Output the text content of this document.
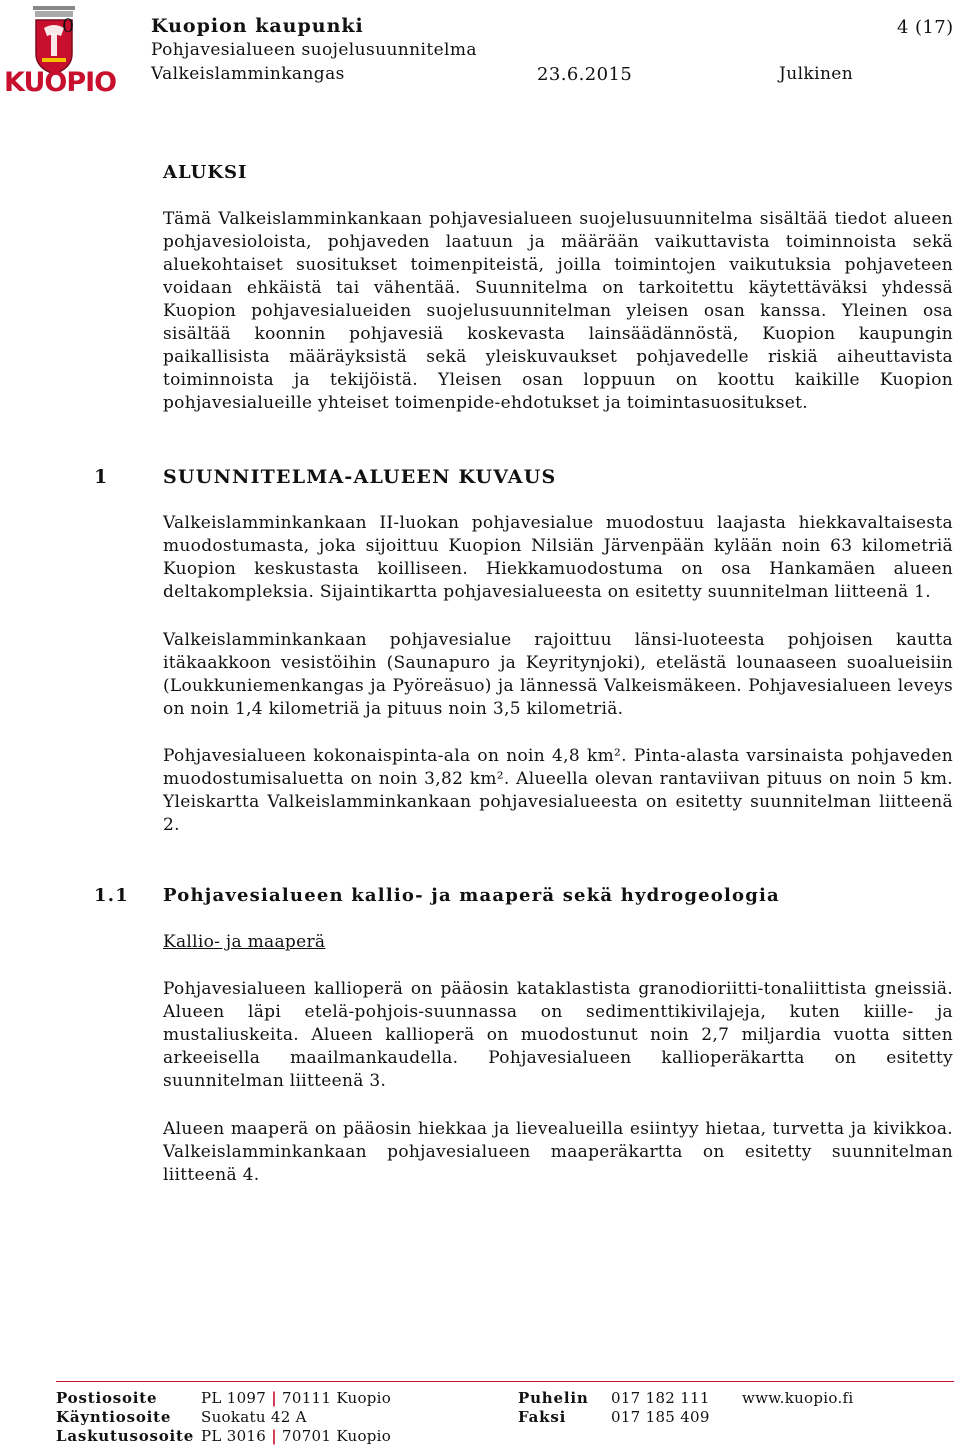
KUOPIO
0	Kuopion kaupunki
Pohjavesialueen suojelusuunnitelma
Valkeislamminkangas	23.6.2015	Julkinen
4 (17)
ALUKSI

Tämä Valkeislamminkankaan pohjavesialueen suojelusuunnitelma sisältää tiedot alueen pohjavesioloista, pohjaveden laatuun ja määrään vaikuttavista toiminnoista sekä aluekohtaiset suositukset toimenpiteistä, joilla toimintojen vaikutuksia pohjaveteen voidaan ehkäistä tai vähentää. Suunnitelma on tarkoitettu käytettäväksi yhdessä Kuopion pohjavesialueiden suojelusuunnitelman yleisen osan kanssa. Yleinen osa sisältää koonnin pohjavesiä koskevasta lainsäädännöstä, Kuopion kaupungin paikallisista määräyksistä sekä yleiskuvaukset pohjavedelle riskiä aiheuttavista toiminnoista ja tekijöistä. Yleisen osan loppuun on koottu kaikille Kuopion pohjavesialueille yhteiset toimenpide-ehdotukset ja toimintasuositukset.

1	SUUNNITELMA-ALUEEN KUVAUS

Valkeislamminkankaan II-luokan pohjavesialue muodostuu laajasta hiekkavaltaisesta muodostumasta, joka sijoittuu Kuopion Nilsiän Järvenpään kylään noin 63 kilometriä Kuopion keskustasta koilliseen. Hiekkamuodostuma on osa Hankamäen alueen deltakompleksia. Sijaintikartta pohjavesialueesta on esitetty suunnitelman liitteenä 1.

Valkeislamminkankaan pohjavesialue rajoittuu länsi-luoteesta pohjoisen kautta itäkaakkoon vesistöihin (Saunapuro ja Keyritynjoki), etelästä lounaaseen suoalueisiin (Loukkuniemenkangas ja Pyöreäsuo) ja lännessä Valkeismäkeen. Pohjavesialueen leveys on noin 1,4 kilometriä ja pituus noin 3,5 kilometriä.

Pohjavesialueen kokonaispinta-ala on noin 4,8 km². Pinta-alasta varsinaista pohjaveden muodostumisaluetta on noin 3,82 km². Alueella olevan rantaviivan pituus on noin 5 km. Yleiskartta Valkeislamminkankaan pohjavesialueesta on esitetty suunnitelman liitteenä 2.

1.1 Pohjavesialueen kallio- ja maaperä sekä hydrogeologia
Kallio- ja maaperä

Pohjavesialueen kallioperä on pääosin kataklastista granodioriitti-tonaliittista gneissiä. Alueen läpi etelä-pohjois-suunnassa on sedimenttikivilajeja, kuten kiille- ja mustaliuskeita. Alueen kallioperä on muodostunut noin 2,7 miljardia vuotta sitten arkeeisella maailmankaudella. Pohjavesialueen kallioperäkartta on esitetty suunnitelman liitteenä 3.

Alueen maaperä on pääosin hiekkaa ja lievealueilla esiintyy hietaa, turvetta ja kivikkoa. Valkeislamminkankaan pohjavesialueen maaperäkartta on esitetty suunnitelman liitteenä 4.

Postiosoite	PL 1097 | 70111 Kuopio
Käyntiosoite Suokatu 42 A
Laskutusosoite PL 3016 | 70701 Kuopio
Puhelin 017 182 111
Faksi	017 185 409
www.kuopio.fi
